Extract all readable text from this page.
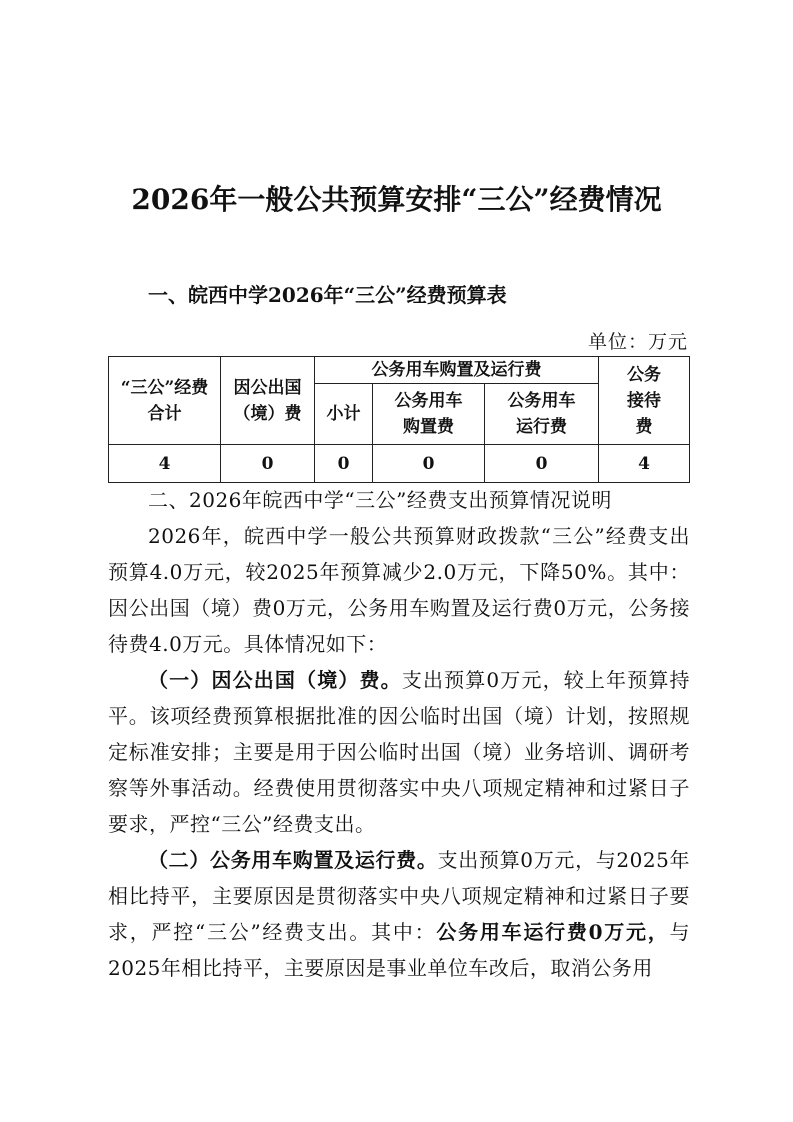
2026年一般公共预算安排“三公”经费情况
一、皖西中学2026年“三公”经费预算表
单位：万元
“三公”经费合计	因公出国（境）费	公务用车购置及运行费			公务接待费
		小计	公务用车购置费	公务用车运行费	
4	0	0	0	0	4

二、2026年皖西中学“三公”经费支出预算情况说明

2026年，皖西中学一般公共预算财政拨款“三公”经费支出预算4.0万元，较2025年预算减少2.0万元，下降50%。其中：因公出国（境）费0万元，公务用车购置及运行费0万元，公务接待费4.0万元。具体情况如下：

（一）因公出国（境）费。支出预算0万元，较上年预算持平。该项经费预算根据批准的因公临时出国（境）计划，按照规定标准安排；主要是用于因公临时出国（境）业务培训、调研考察等外事活动。经费使用贯彻落实中央八项规定精神和过紧日子要求，严控“三公”经费支出。

（二）公务用车购置及运行费。支出预算0万元，与2025年相比持平，主要原因是贯彻落实中央八项规定精神和过紧日子要求，严控“三公”经费支出。其中：公务用车运行费0万元，与2025年相比持平，主要原因是事业单位车改后，取消公务用
